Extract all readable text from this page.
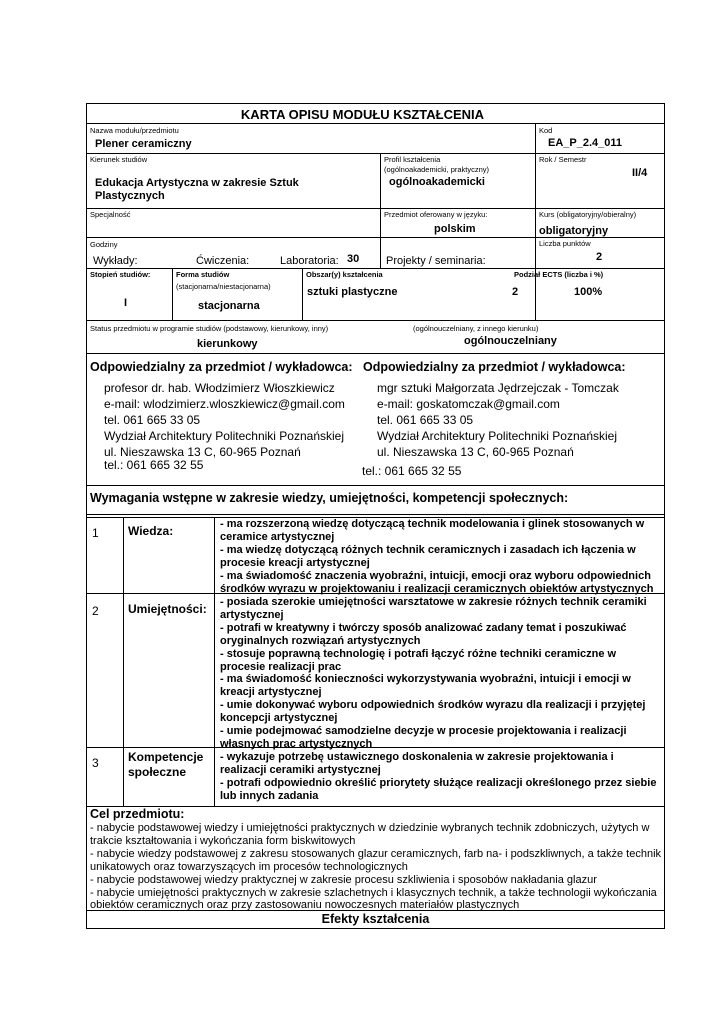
KARTA OPISU MODUŁU KSZTAŁCENIA
Nazwa modułu/przedmiotu
Plener ceramiczny
Kod
EA_P_2.4_011
Kierunek studiów
Edukacja Artystyczna w zakresie Sztuk
Plastycznych
Profil kształcenia
(ogólnoakademicki, praktyczny)
ogólnoakademicki
Rok / Semestr
II/4
Specjalność	Przedmiot oferowany w języku:
polskim
Kurs (obligatoryjny/obieralny)
obligatoryjny
Godziny
Wykłady:	Ćwiczenia:	Laboratoria: 30 Projekty / seminaria:
Liczba punktów
2
Stopień studiów:
I
Forma studiów
(stacjonarna/niestacjonarna)
stacjonarna
Obszar(y) kształcenia
sztuki plastyczne
Podział ECTS (liczba i %)
2	100%
Status przedmiotu w programie studiów (podstawowy, kierunkowy, inny)
kierunkowy
(ogólnouczelniany, z innego kierunku)
ogólnouczelniany
Odpowiedzialny za przedmiot / wykładowca:
profesor dr. hab. Włodzimierz Włoszkiewicz
e-mail: wlodzimierz.wloszkiewicz@gmail.com
tel. 061 665 33 05
Wydział Architektury Politechniki Poznańskiej
ul. Nieszawska 13 C, 60-965 Poznań
tel.: 061 665 32 55
Odpowiedzialny za przedmiot / wykładowca:
mgr sztuki Małgorzata Jędrzejczak - Tomczak
e-mail: goskatomczak@gmail.com
tel. 061 665 33 05
Wydział Architektury Politechniki Poznańskiej
ul. Nieszawska 13 C, 60-965 Poznań
tel.: 061 665 32 55
Wymagania wstępne w zakresie wiedzy, umiejętności, kompetencji społecznych:
1 Wiedza:	- ma rozszerzoną wiedzę dotyczącą technik modelowania i glinek stosowanych w
ceramice artystycznej
- ma wiedzę dotyczącą różnych technik ceramicznych i zasadach ich łączenia w
procesie kreacji artystycznej
- ma świadomość znaczenia wyobraźni, intuicji, emocji oraz wyboru odpowiednich
środków wyrazu w projektowaniu i realizacji ceramicznych obiektów artystycznych
2 Umiejętności: - posiada szerokie umiejętności warsztatowe w zakresie różnych technik ceramiki
artystycznej
- potrafi w kreatywny i twórczy sposób analizować zadany temat i poszukiwać
oryginalnych rozwiązań artystycznych
- stosuje poprawną technologię i potrafi łączyć różne techniki ceramiczne w
procesie realizacji prac
- ma świadomość konieczności wykorzystywania wyobraźni, intuicji i emocji w
kreacji artystycznej
- umie dokonywać wyboru odpowiednich środków wyrazu dla realizacji i przyjętej
koncepcji artystycznej
- umie podejmować samodzielne decyzje w procesie projektowania i realizacji
własnych prac artystycznych
3 Kompetencje
społeczne
- wykazuje potrzebę ustawicznego doskonalenia w zakresie projektowania i
realizacji ceramiki artystycznej
- potrafi odpowiednio określić priorytety służące realizacji określonego przez siebie
lub innych zadania
Cel przedmiotu:
- nabycie podstawowej wiedzy i umiejętności praktycznych w dziedzinie wybranych technik zdobniczych, użytych w
trakcie kształtowania i wykończania form biskwitowych
- nabycie wiedzy podstawowej z zakresu stosowanych glazur ceramicznych, farb na- i podszkliwnych, a także technik
unikatowych oraz towarzyszących im procesów technologicznych
- nabycie podstawowej wiedzy praktycznej w zakresie procesu szkliwienia i sposobów nakładania glazur
- nabycie umiejętności praktycznych w zakresie szlachetnych i klasycznych technik, a także technologii wykończania
obiektów ceramicznych oraz przy zastosowaniu nowoczesnych materiałów plastycznych
Efekty kształcenia
